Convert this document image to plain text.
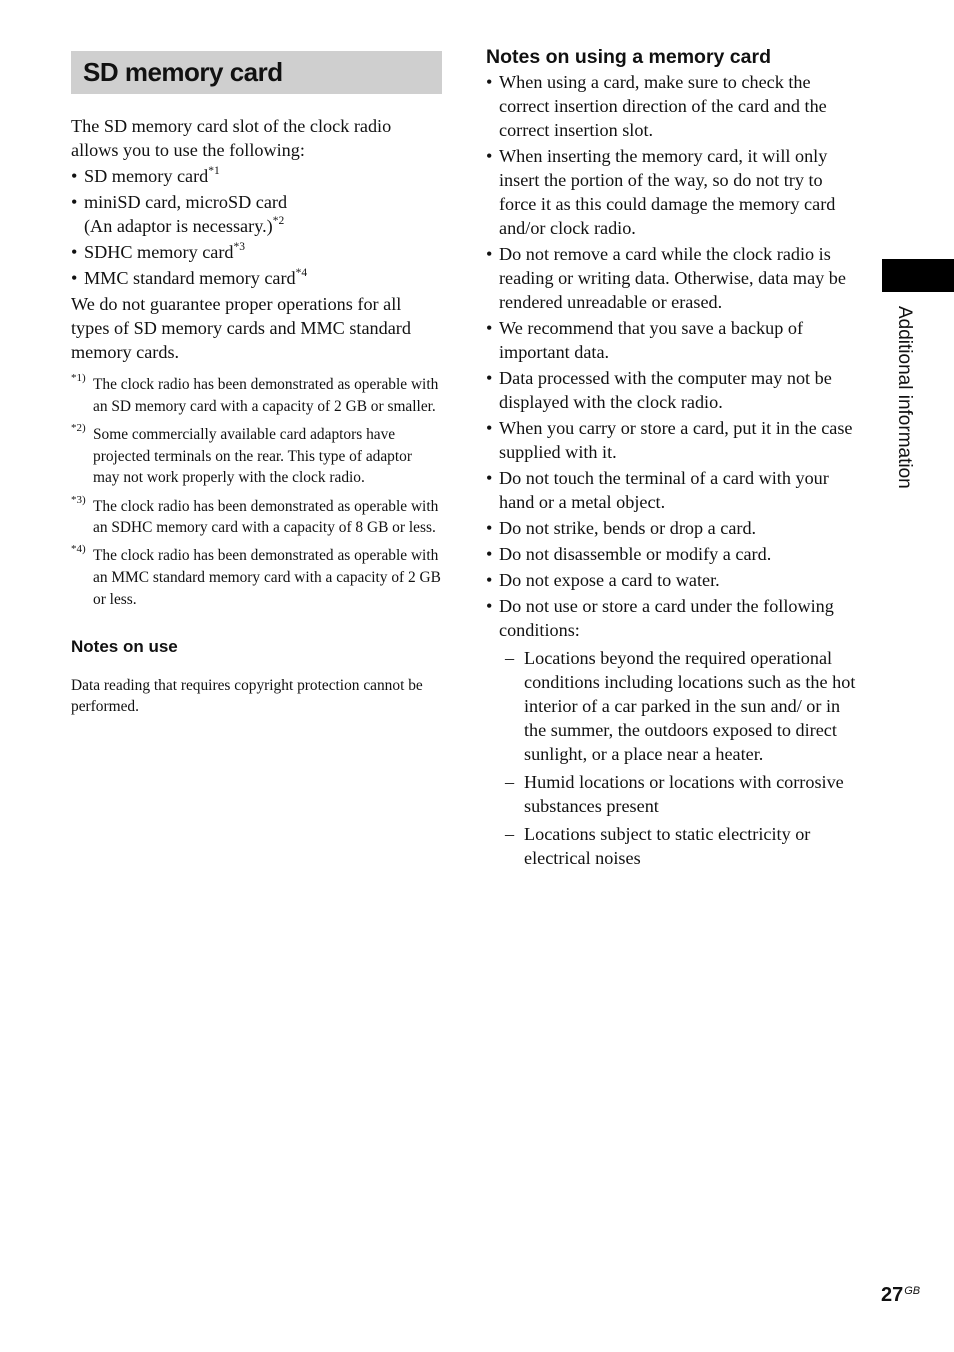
SD memory card
The SD memory card slot of the clock radio allows you to use the following:
• SD memory card$^{*1}$
• miniSD card, microSD card
(An adaptor is necessary.)$^{*2}$
• SDHC memory card$^{*3}$
• MMC standard memory card$^{*4}$
We do not guarantee proper operations for all types of SD memory cards and MMC standard memory cards.
*1) The clock radio has been demonstrated as operable with an SD memory card with a capacity of 2 GB or smaller.
*2) Some commercially available card adaptors have projected terminals on the rear. This type of adaptor may not work properly with the clock radio.
*3) The clock radio has been demonstrated as operable with an SDHC memory card with a capacity of 8 GB or less.
*4) The clock radio has been demonstrated as operable with an MMC standard memory card with a capacity of 2 GB or less.
Notes on use
Data reading that requires copyright protection cannot be performed.
Notes on using a memory card
• When using a card, make sure to check the correct insertion direction of the card and the correct insertion slot.
• When inserting the memory card, it will only insert the portion of the way, so do not try to force it as this could damage the memory card and/or clock radio.
• Do not remove a card while the clock radio is reading or writing data. Otherwise, data may be rendered unreadable or erased.
• We recommend that you save a backup of important data.
• Data processed with the computer may not be displayed with the clock radio.
• When you carry or store a card, put it in the case supplied with it.
• Do not touch the terminal of a card with your hand or a metal object.
• Do not strike, bends or drop a card.
• Do not disassemble or modify a card.
• Do not expose a card to water.
• Do not use or store a card under the following conditions:
– Locations beyond the required operational conditions including locations such as the hot interior of a car parked in the sun and/ or in the summer, the outdoors exposed to direct sunlight, or a place near a heater.
– Humid locations or locations with corrosive substances present
– Locations subject to static electricity or electrical noises
Additional information
$27^{GB}$
